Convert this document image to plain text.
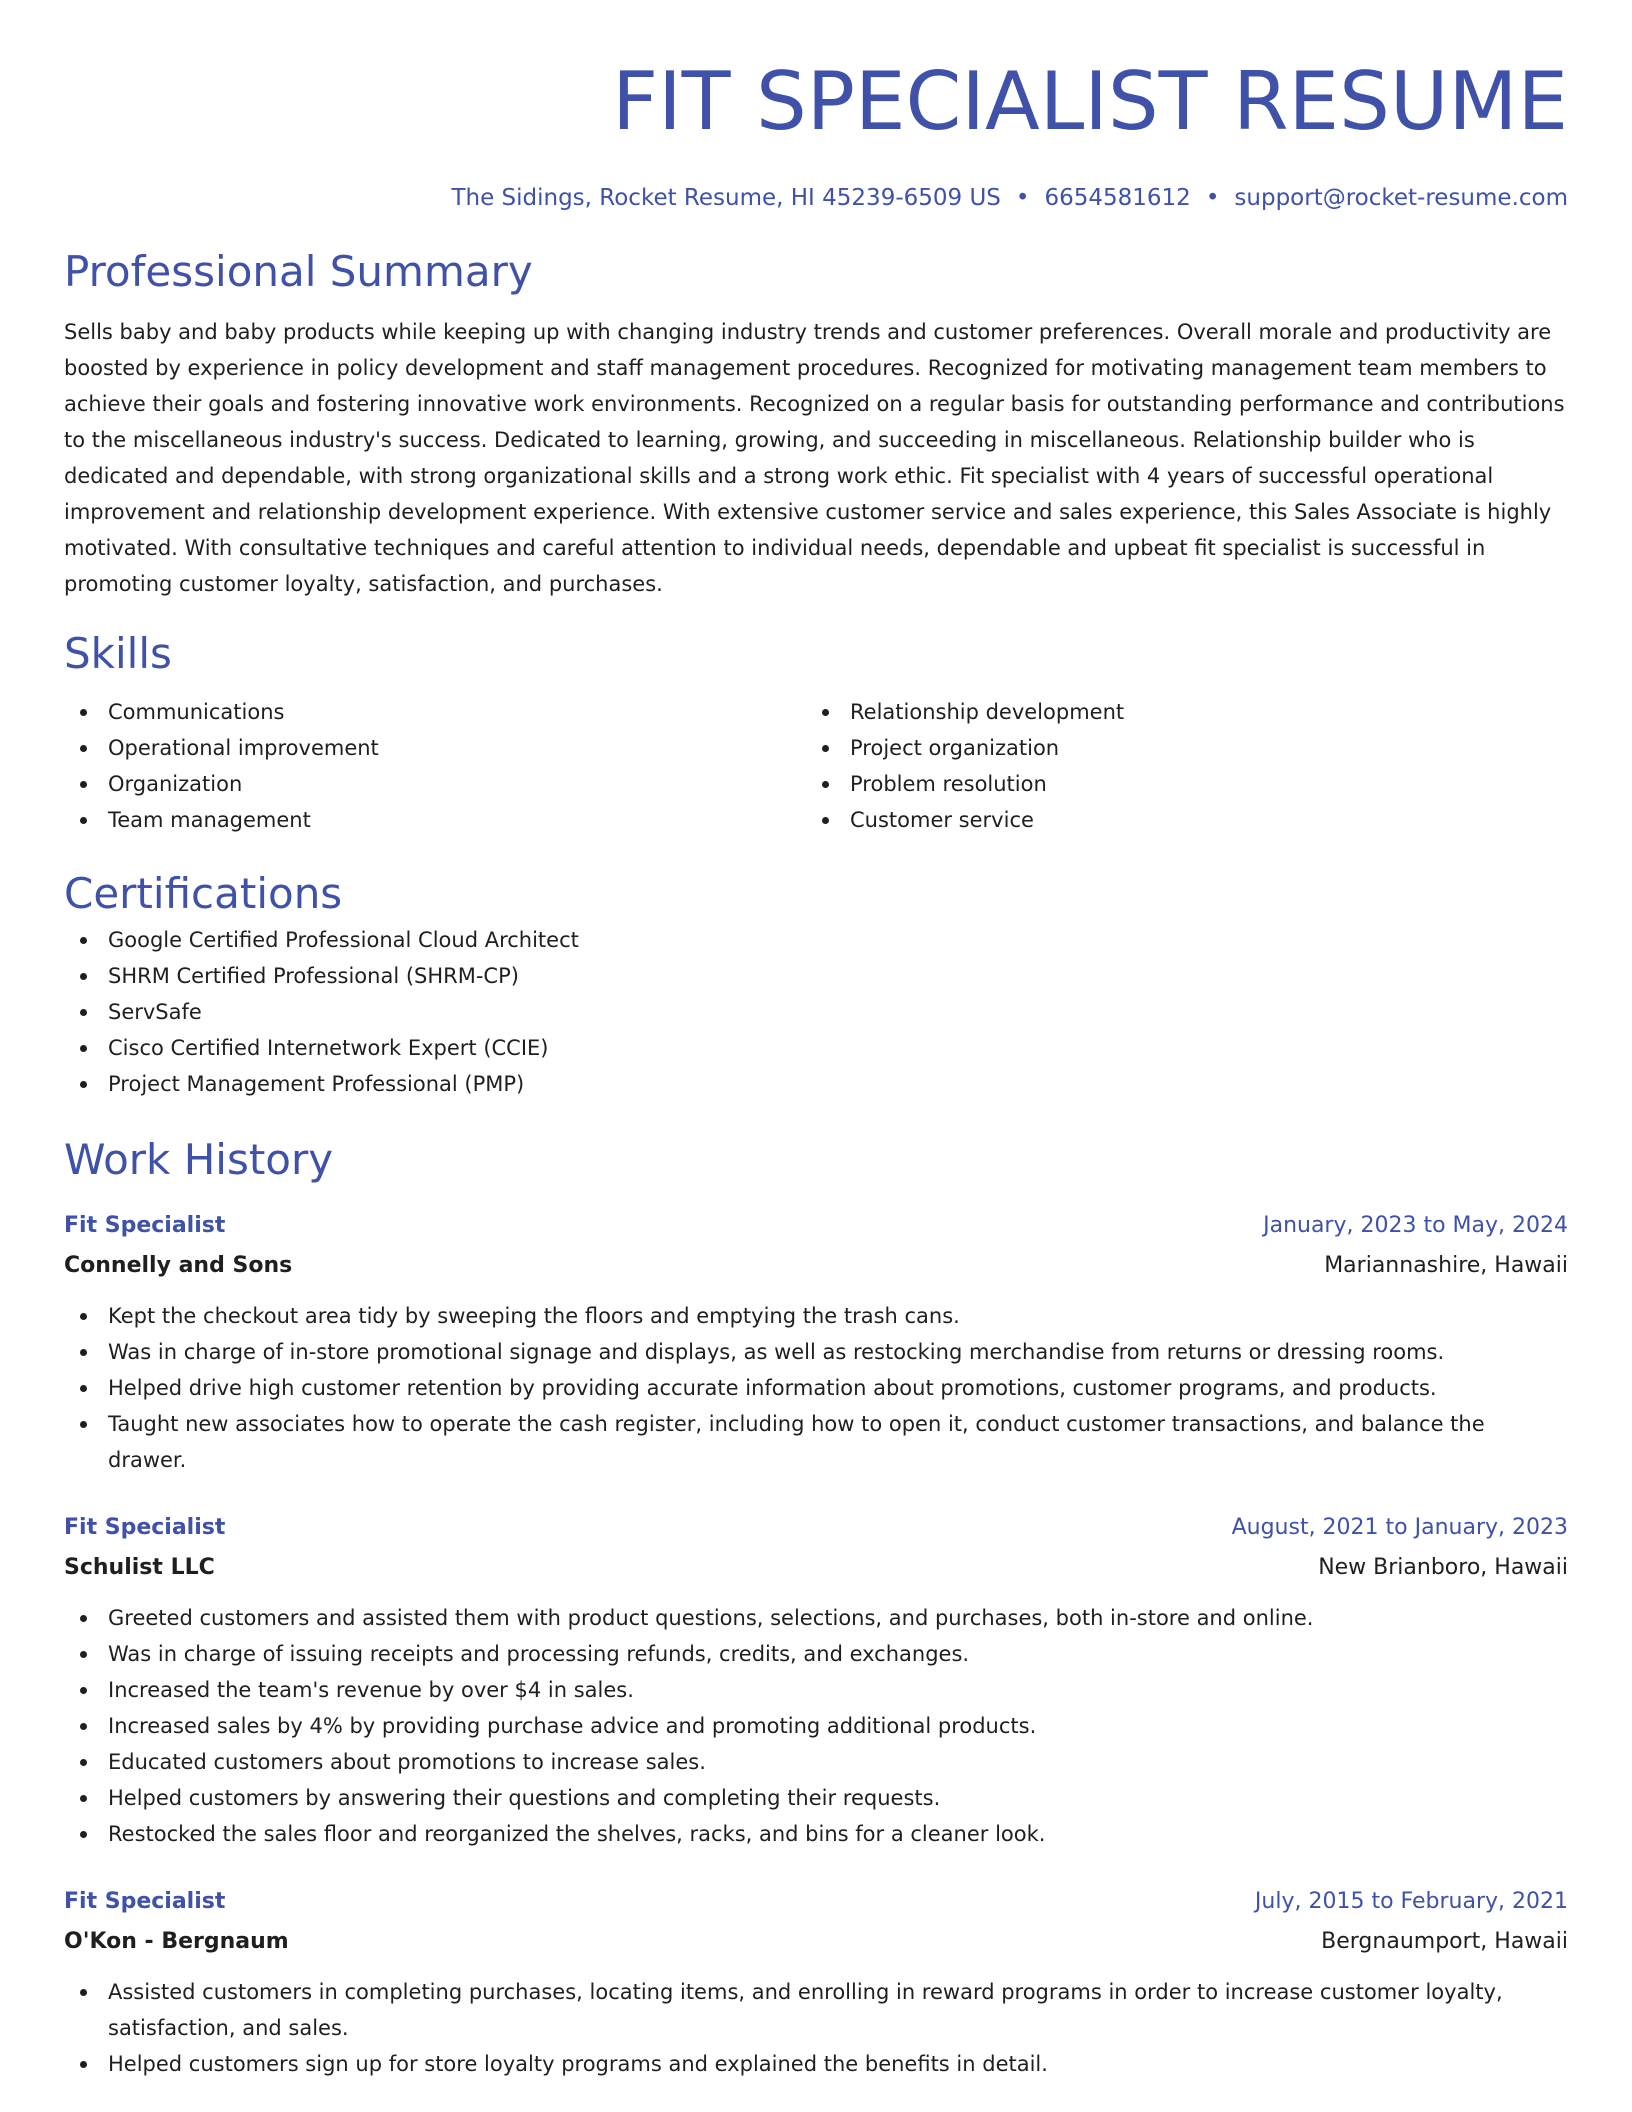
FIT SPECIALIST RESUME
The Sidings, Rocket Resume, HI 45239-6509 US • 6654581612 • support@rocket-resume.com
Professional Summary

Sells baby and baby products while keeping up with changing industry trends and customer preferences. Overall morale and productivity are boosted by experience in policy development and staff management procedures. Recognized for motivating management team members to achieve their goals and fostering innovative work environments. Recognized on a regular basis for outstanding performance and contributions to the miscellaneous industry's success. Dedicated to learning, growing, and succeeding in miscellaneous. Relationship builder who is dedicated and dependable, with strong organizational skills and a strong work ethic. Fit specialist with 4 years of successful operational improvement and relationship development experience. With extensive customer service and sales experience, this Sales Associate is highly motivated. With consultative techniques and careful attention to individual needs, dependable and upbeat fit specialist is successful in promoting customer loyalty, satisfaction, and purchases.

Skills
Communications
Operational improvement
Organization
Team management
Relationship development
Project organization
Problem resolution
Customer service
Certifications
Google Certified Professional Cloud Architect
SHRM Certified Professional (SHRM-CP)
ServSafe
Cisco Certified Internetwork Expert (CCIE)
Project Management Professional (PMP)
Work History
Fit Specialist	January, 2023 to May, 2024
Connelly and Sons	Mariannashire, Hawaii
Kept the checkout area tidy by sweeping the floors and emptying the trash cans.
Was in charge of in-store promotional signage and displays, as well as restocking merchandise from returns or dressing rooms.
Helped drive high customer retention by providing accurate information about promotions, customer programs, and products.
Taught new associates how to operate the cash register, including how to open it, conduct customer transactions, and balance the drawer.
Fit Specialist	August, 2021 to January, 2023
Schulist LLC	New Brianboro, Hawaii
Greeted customers and assisted them with product questions, selections, and purchases, both in-store and online.
Was in charge of issuing receipts and processing refunds, credits, and exchanges.
Increased the team's revenue by over $4 in sales.
Increased sales by 4% by providing purchase advice and promoting additional products.
Educated customers about promotions to increase sales.
Helped customers by answering their questions and completing their requests.
Restocked the sales floor and reorganized the shelves, racks, and bins for a cleaner look.
Fit Specialist	July, 2015 to February, 2021
O'Kon - Bergnaum	Bergnaumport, Hawaii
Assisted customers in completing purchases, locating items, and enrolling in reward programs in order to increase customer loyalty, satisfaction, and sales.
Helped customers sign up for store loyalty programs and explained the benefits in detail.
